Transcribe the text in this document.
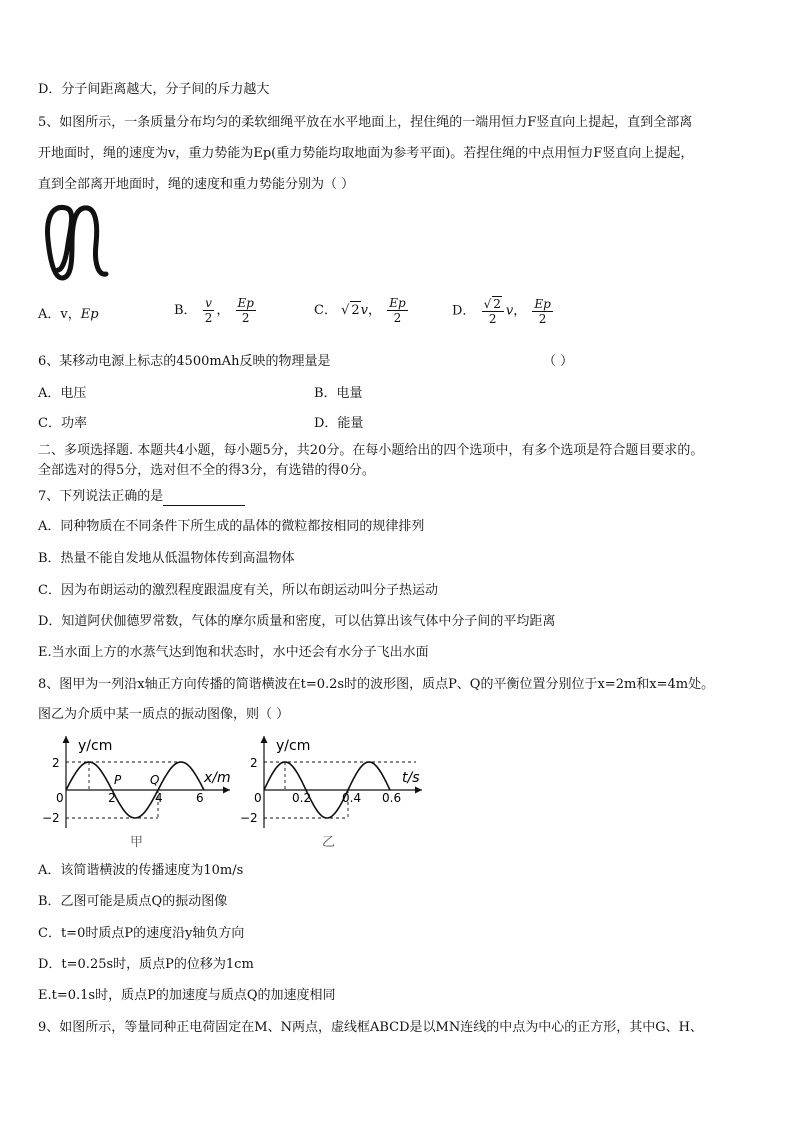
D．分子间距离越大，分子间的斥力越大
5、如图所示，一条质量分布均匀的柔软细绳平放在水平地面上，捏住绳的一端用恒力F竖直向上提起，直到全部离
开地面时，绳的速度为v，重力势能为Ep(重力势能均取地面为参考平面)。若捏住绳的中点用恒力F竖直向上提起，
直到全部离开地面时，绳的速度和重力势能分别为（ ）
A．v，Ep	B． $\frac{v}{2}$ ， $\frac{Ep}{2}$	C． √ 2v， $\frac{Ep}{2}$	D． $\frac{√ 2}{2}$ v， $\frac{Ep}{2}$
6、某移动电源上标志的4500mAh反映的物理量是	（ ）
A．电压	B．电量
C．功率	D．能量
二、多项选择题. 本题共4小题，每小题5分，共20分。在每小题给出的四个选项中，有多个选项是符合题目要求的。
全部选对的得5分，选对但不全的得3分，有选错的得0分。
7、下列说法正确的是
A．同种物质在不同条件下所生成的晶体的微粒都按相同的规律排列
B．热量不能自发地从低温物体传到高温物体
C．因为布朗运动的激烈程度跟温度有关，所以布朗运动叫分子热运动
D．知道阿伏伽德罗常数，气体的摩尔质量和密度，可以估算出该气体中分子间的平均距离
E.当水面上方的水蒸气达到饱和状态时，水中还会有水分子飞出水面
8、图甲为一列沿x轴正方向传播的简谐横波在t=0.2s时的波形图，质点P、Q的平衡位置分别位于x=2m和x=4m处。
图乙为介质中某一质点的振动图像，则（ ）
y/cm
x/m
2
−2
0	2	4	6
P Q
甲
y/cm
t/s
2
−2
0	0.2	0.4 0.6
乙
A．该简谐横波的传播速度为10m/s
B．乙图可能是质点Q的振动图像
C．t=0时质点P的速度沿y轴负方向
D．t=0.25s时，质点P的位移为1cm
E.t=0.1s时，质点P的加速度与质点Q的加速度相同
9、如图所示，等量同种正电荷固定在M、N两点，虚线框ABCD是以MN连线的中点为中心的正方形，其中G、H、
